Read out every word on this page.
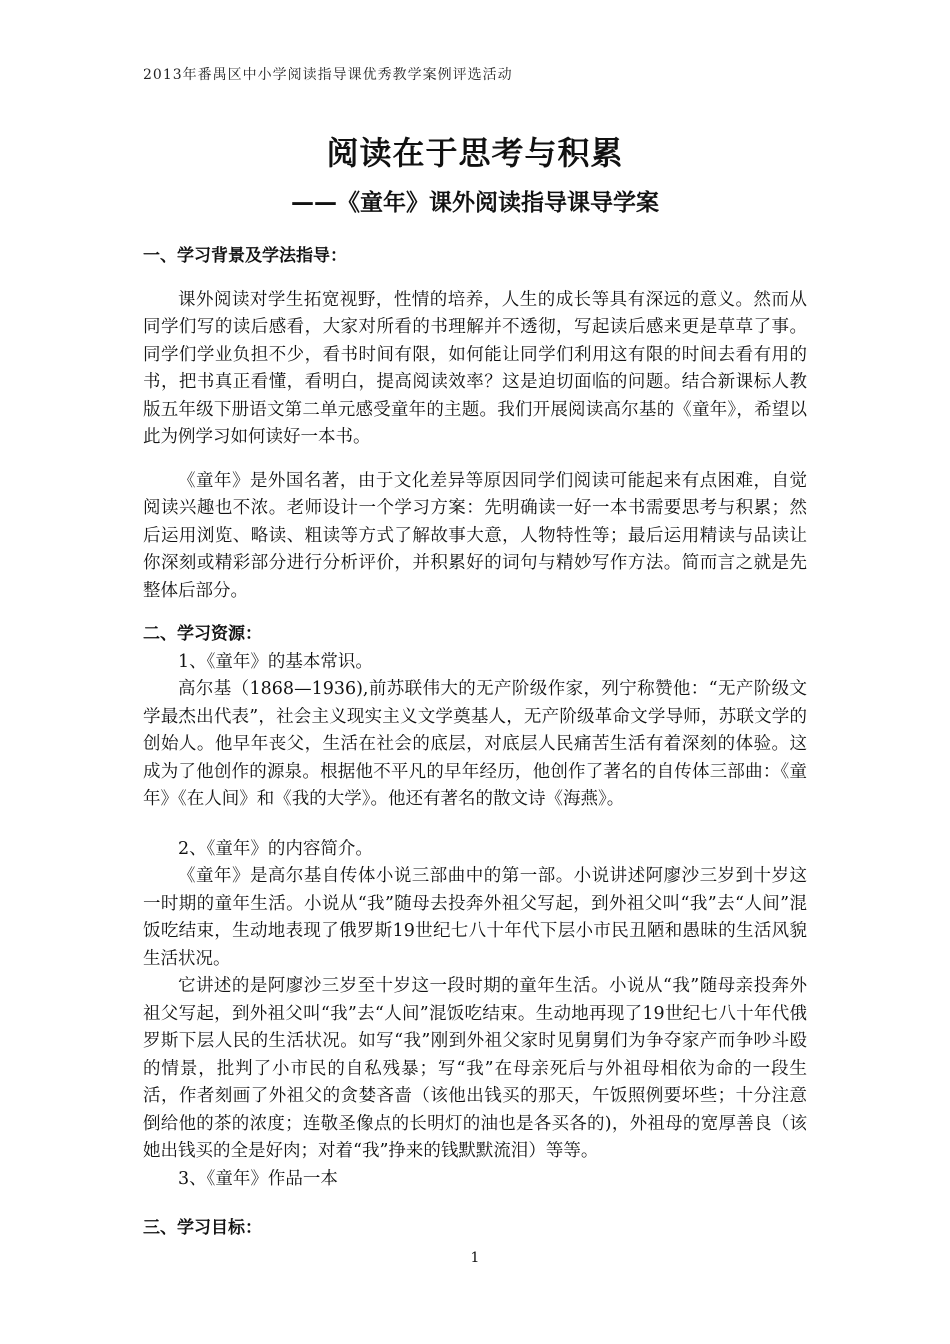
2013年番禺区中小学阅读指导课优秀教学案例评选活动
阅读在于思考与积累
——《童年》课外阅读指导课导学案
一、学习背景及学法指导：
课外阅读对学生拓宽视野，性情的培养，人生的成长等具有深远的意义。然而从同学们写的读后感看，大家对所看的书理解并不透彻，写起读后感来更是草草了事。同学们学业负担不少，看书时间有限，如何能让同学们利用这有限的时间去看有用的书，把书真正看懂，看明白，提高阅读效率？这是迫切面临的问题。结合新课标人教版五年级下册语文第二单元感受童年的主题。我们开展阅读高尔基的《童年》，希望以此为例学习如何读好一本书。
《童年》是外国名著，由于文化差异等原因同学们阅读可能起来有点困难，自觉阅读兴趣也不浓。老师设计一个学习方案：先明确读一好一本书需要思考与积累；然后运用浏览、略读、粗读等方式了解故事大意，人物特性等；最后运用精读与品读让你深刻或精彩部分进行分析评价，并积累好的词句与精妙写作方法。简而言之就是先整体后部分。
二、学习资源：
1、《童年》的基本常识。
高尔基（1868—1936),前苏联伟大的无产阶级作家，列宁称赞他：“无产阶级文学最杰出代表”，社会主义现实主义文学奠基人，无产阶级革命文学导师，苏联文学的创始人。他早年丧父，生活在社会的底层，对底层人民痛苦生活有着深刻的体验。这成为了他创作的源泉。根据他不平凡的早年经历，他创作了著名的自传体三部曲：《童年》《在人间》和《我的大学》。他还有著名的散文诗《海燕》。
2、《童年》的内容简介。
《童年》是高尔基自传体小说三部曲中的第一部。小说讲述阿廖沙三岁到十岁这一时期的童年生活。小说从“我”随母去投奔外祖父写起，到外祖父叫“我”去“人间”混饭吃结束，生动地表现了俄罗斯19世纪七八十年代下层小市民丑陋和愚昧的生活风貌生活状况。
它讲述的是阿廖沙三岁至十岁这一段时期的童年生活。小说从“我”随母亲投奔外祖父写起，到外祖父叫“我”去“人间”混饭吃结束。生动地再现了19世纪七八十年代俄罗斯下层人民的生活状况。如写“我”刚到外祖父家时见舅舅们为争夺家产而争吵斗殴的情景，批判了小市民的自私残暴；写“我”在母亲死后与外祖母相依为命的一段生活，作者刻画了外祖父的贪婪吝啬（该他出钱买的那天，午饭照例要坏些；十分注意倒给他的茶的浓度；连敬圣像点的长明灯的油也是各买各的)，外祖母的宽厚善良（该她出钱买的全是好肉；对着“我”挣来的钱默默流泪）等等。
3、《童年》作品一本
三、学习目标：
1
